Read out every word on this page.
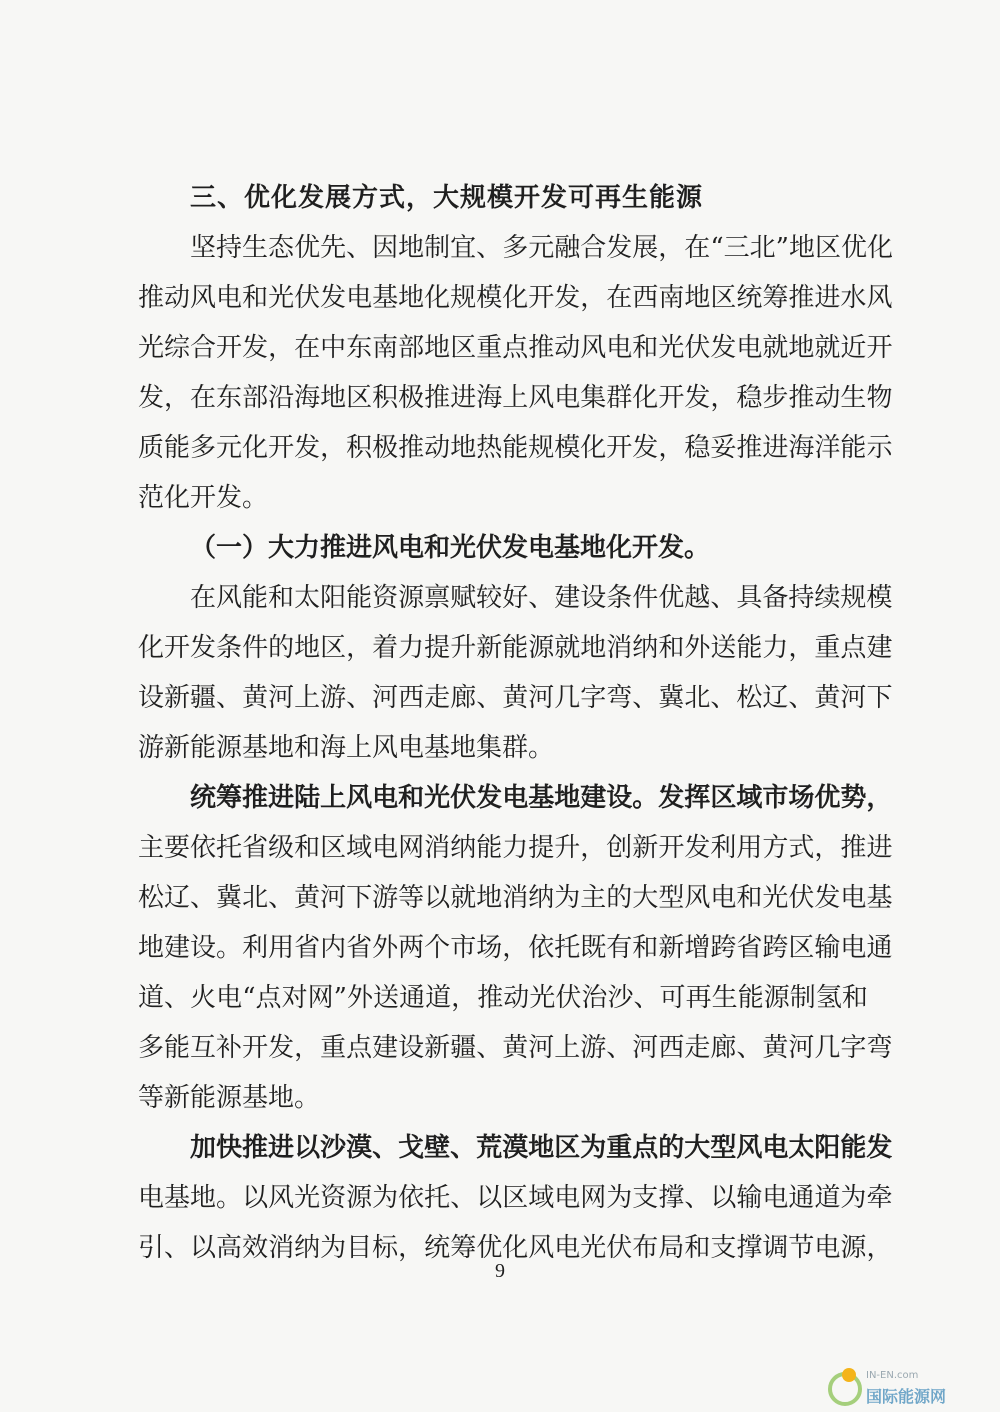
三、优化发展方式，大规模开发可再生能源
坚 持 生 态 优 先 、 因 地 制 宜 、 多 元 融 合 发 展 ， 在 “ 三 北 ” 地 区 优 化
推 动 风 电 和 光 伏 发 电 基 地 化 规 模 化 开 发 ， 在 西 南 地 区 统 筹 推 进 水 风
光 综 合 开 发 ， 在 中 东 南 部 地 区 重 点 推 动 风 电 和 光 伏 发 电 就 地 就 近 开
发 ， 在 东 部 沿 海 地 区 积 极 推 进 海 上 风 电 集 群 化 开 发 ， 稳 步 推 动 生 物
质 能 多 元 化 开 发 ， 积 极 推 动 地 热 能 规 模 化 开 发 ， 稳 妥 推 进 海 洋 能 示
范化开发。
（一）大力推进风电和光伏发电基地化开发。
在 风 能 和 太 阳 能 资 源 禀 赋 较 好 、 建 设 条 件 优 越 、 具 备 持 续 规 模
化 开 发 条 件 的 地 区 ， 着 力 提 升 新 能 源 就 地 消 纳 和 外 送 能 力 ， 重 点 建
设 新 疆 、 黄 河 上 游 、 河 西 走 廊 、 黄 河 几 字 弯 、 冀 北 、 松 辽 、 黄 河 下
游新能源基地和海上风电基地集群。
统 筹 推 进 陆 上 风 电 和 光 伏 发 电 基 地 建 设 。 发 挥 区 域 市 场 优 势 ，
主 要 依 托 省 级 和 区 域 电 网 消 纳 能 力 提 升 ， 创 新 开 发 利 用 方 式 ， 推 进
松 辽 、 冀 北 、 黄 河 下 游 等 以 就 地 消 纳 为 主 的 大 型 风 电 和 光 伏 发 电 基
地 建 设 。 利 用 省 内 省 外 两 个 市 场 ， 依 托 既 有 和 新 增 跨 省 跨 区 输 电 通
道 、 火 电 “ 点 对 网 ” 外 送 通 道 ， 推 动 光 伏 治 沙 、 可 再 生 能 源 制 氢 和
多 能 互 补 开 发 ， 重 点 建 设 新 疆 、 黄 河 上 游 、 河 西 走 廊 、 黄 河 几 字 弯
等新能源基地。
加 快 推 进 以 沙 漠 、 戈 壁 、 荒 漠 地 区 为 重 点 的 大 型 风 电 太 阳 能 发
电 基 地 。 以 风 光 资 源 为 依 托 、 以 区 域 电 网 为 支 撑 、 以 输 电 通 道 为 牵
引 、 以 高 效 消 纳 为 目 标 ， 统 筹 优 化 风 电 光 伏 布 局 和 支 撑 调 节 电 源 ，
9
IN-EN.com
国际能源网
